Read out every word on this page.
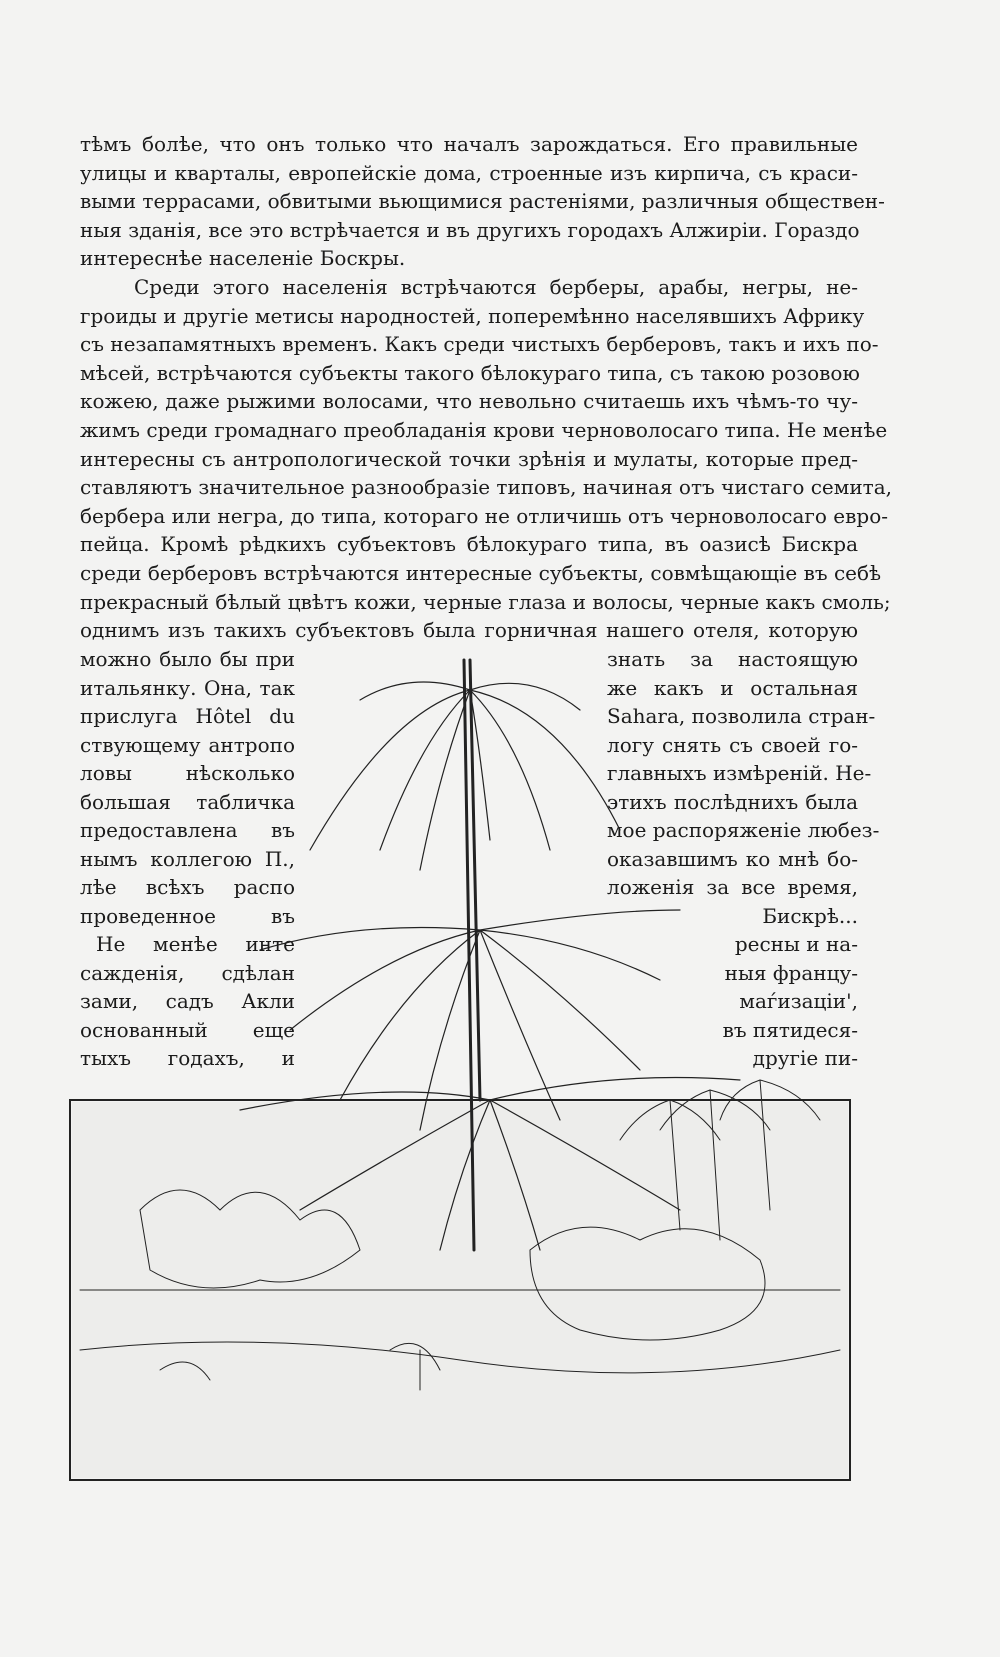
тѣмъ болѣе, что онъ только что началъ зарождаться. Его правильные
улицы и кварталы, европейскіе дома, строенные изъ кирпича, съ краси-
выми террасами, обвитыми вьющимися растеніями, различныя обществен-
ныя зданія, все это встрѣчается и въ другихъ городахъ Алжиріи. Гораздо
интереснѣе населеніе Боскры.
Среди этого населенія встрѣчаются берберы, арабы, негры, не-
гроиды и другіе метисы народностей, поперемѣнно населявшихъ Африку
съ незапамятныхъ временъ. Какъ среди чистыхъ берберовъ, такъ и ихъ по-
мѣсей, встрѣчаются субъекты такого бѣлокураго типа, съ такою розовою
кожею, даже рыжими волосами, что невольно считаешь ихъ чѣмъ-то чу-
жимъ среди громаднаго преобладанія крови черноволосаго типа. Не менѣе
интересны съ антропологической точки зрѣнія и мулаты, которые пред-
ставляютъ значительное разнообразіе типовъ, начиная отъ чистаго семита,
бербера или негра, до типа, котораго не отличишь отъ черноволосаго евро-
пейца. Кромѣ рѣдкихъ субъектовъ бѣлокураго типа, въ оазисѣ Бискра
среди берберовъ встрѣчаются интересные субъекты, совмѣщающіе въ себѣ
прекрасный бѣлый цвѣтъ кожи, черные глаза и волосы, черные какъ смоль;
однимъ изъ такихъ субъектовъ была горничная нашего отеля, которую
можно было бы при
итальянку. Она, так
прислуга Hôtel du
ствующему антропо
ловы нѣсколько
большая табличка
предоставлена въ
нымъ коллегою П.,
лѣе всѣхъ распо
проведенное въ
Не менѣе инте
сажденія, сдѣлан
зами, садъ Акли
основанный еще
тыхъ годахъ, и
знать за настоящую
же какъ и остальная
Sahara, позволила стран-
логу снять съ своей го-
главныхъ измѣреній. Не-
этихъ послѣднихъ была
мое распоряженіе любез-
оказавшимъ ко мнѣ бо-
ложенія за все время,
Бискрѣ...
ресны и на-
ныя францу-
маѓизаціи',
въ пятидеся-
другіе пи-
